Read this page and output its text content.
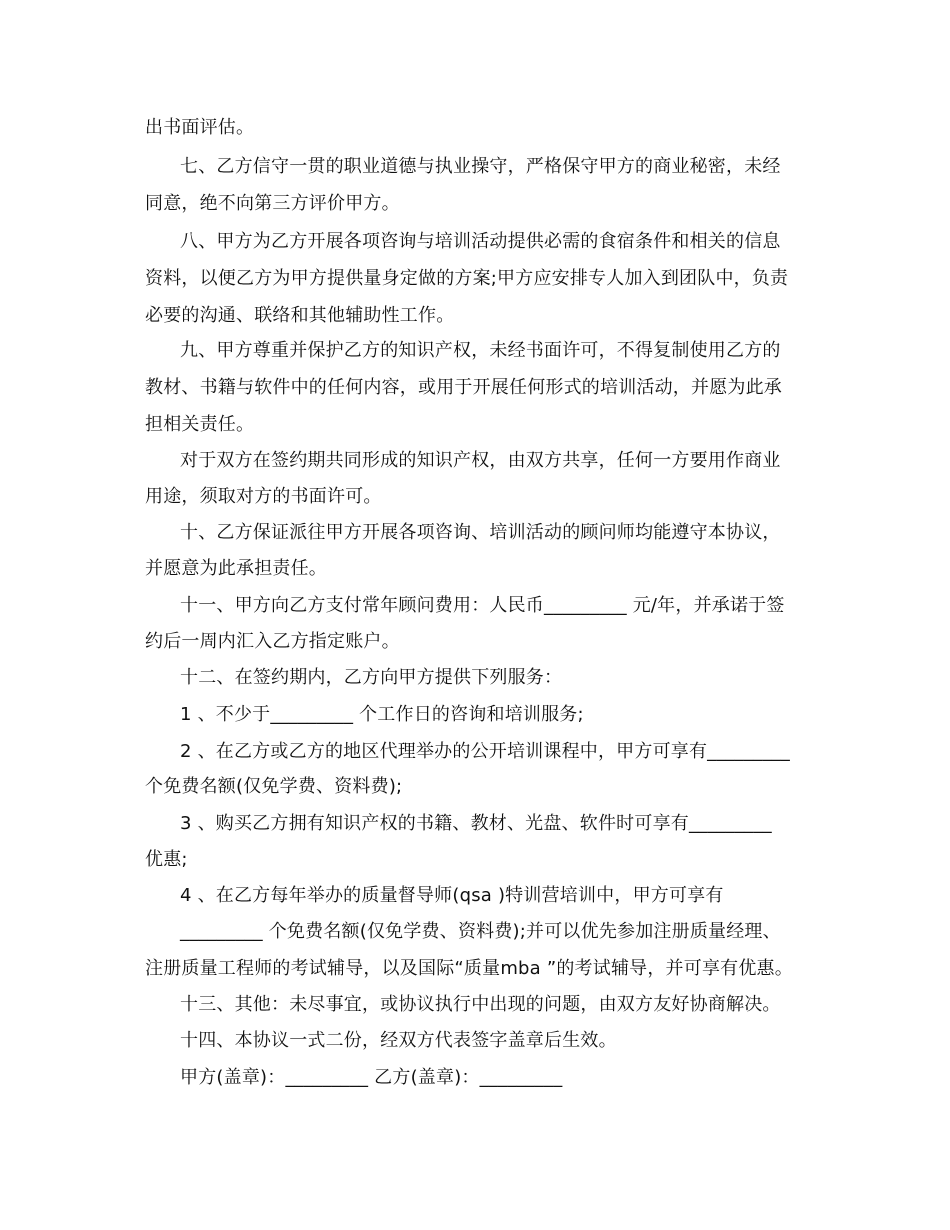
出书面评估。
七、乙方信守一贯的职业道德与执业操守，严格保守甲方的商业秘密，未经
同意，绝不向第三方评价甲方。
八、甲方为乙方开展各项咨询与培训活动提供必需的食宿条件和相关的信息
资料，以便乙方为甲方提供量身定做的方案;甲方应安排专人加入到团队中，负责
必要的沟通、联络和其他辅助性工作。
九、甲方尊重并保护乙方的知识产权，未经书面许可，不得复制使用乙方的
教材、书籍与软件中的任何内容，或用于开展任何形式的培训活动，并愿为此承
担相关责任。
对于双方在签约期共同形成的知识产权，由双方共享，任何一方要用作商业
用途，须取对方的书面许可。
十、乙方保证派往甲方开展各项咨询、培训活动的顾问师均能遵守本协议，
并愿意为此承担责任。
十一、甲方向乙方支付常年顾问费用：人民币_________ 元/年，并承诺于签
约后一周内汇入乙方指定账户。
十二、在签约期内，乙方向甲方提供下列服务：
1 、不少于_________ 个工作日的咨询和培训服务;
2 、在乙方或乙方的地区代理举办的公开培训课程中，甲方可享有_________
个免费名额(仅免学费、资料费);
3 、购买乙方拥有知识产权的书籍、教材、光盘、软件时可享有_________
优惠;
4 、在乙方每年举办的质量督导师(qsa )特训营培训中，甲方可享有
_________ 个免费名额(仅免学费、资料费);并可以优先参加注册质量经理、
注册质量工程师的考试辅导，以及国际“质量mba ”的考试辅导，并可享有优惠。
十三、其他：未尽事宜，或协议执行中出现的问题，由双方友好协商解决。
十四、本协议一式二份，经双方代表签字盖章后生效。
甲方(盖章)：_________ 乙方(盖章)：_________
